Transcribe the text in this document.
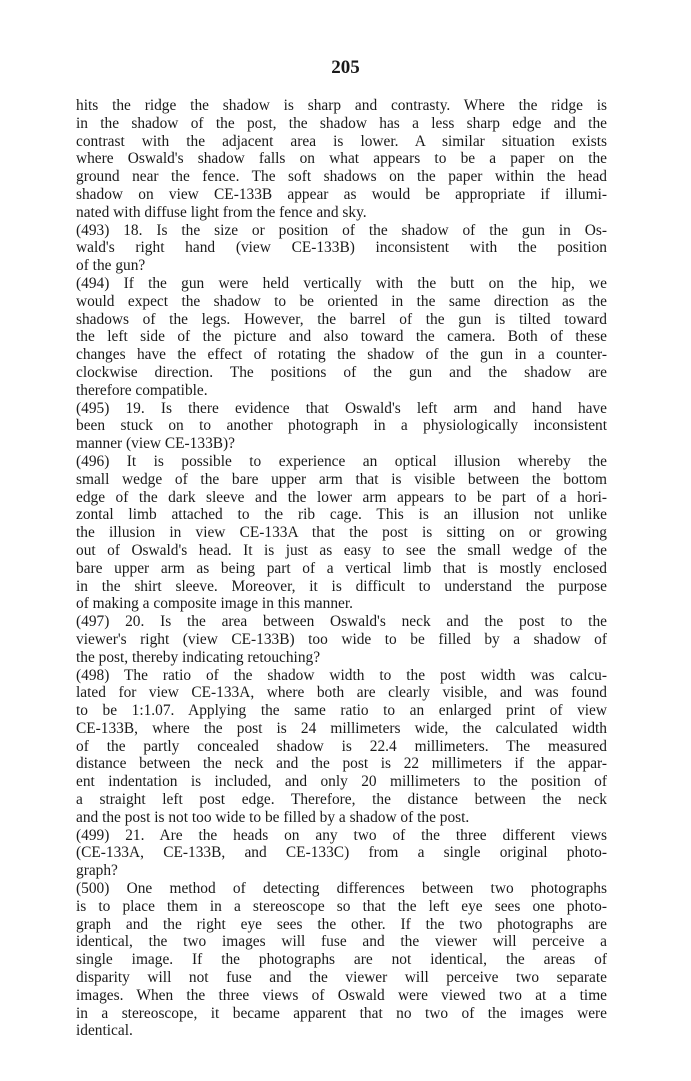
205
hits the ridge the shadow is sharp and contrasty. Where the ridge is
in the shadow of the post, the shadow has a less sharp edge and the
contrast with the adjacent area is lower. A similar situation exists
where Oswald's shadow falls on what appears to be a paper on the
ground near the fence. The soft shadows on the paper within the head
shadow on view CE-133B appear as would be appropriate if illumi-
nated with diffuse light from the fence and sky.
(493) 18. Is the size or position of the shadow of the gun in Os-
wald's right hand (view CE-133B) inconsistent with the position
of the gun?
(494) If the gun were held vertically with the butt on the hip, we
would expect the shadow to be oriented in the same direction as the
shadows of the legs. However, the barrel of the gun is tilted toward
the left side of the picture and also toward the camera. Both of these
changes have the effect of rotating the shadow of the gun in a counter-
clockwise direction. The positions of the gun and the shadow are
therefore compatible.
(495) 19. Is there evidence that Oswald's left arm and hand have
been stuck on to another photograph in a physiologically inconsistent
manner (view CE-133B)?
(496) It is possible to experience an optical illusion whereby the
small wedge of the bare upper arm that is visible between the bottom
edge of the dark sleeve and the lower arm appears to be part of a hori-
zontal limb attached to the rib cage. This is an illusion not unlike
the illusion in view CE-133A that the post is sitting on or growing
out of Oswald's head. It is just as easy to see the small wedge of the
bare upper arm as being part of a vertical limb that is mostly enclosed
in the shirt sleeve. Moreover, it is difficult to understand the purpose
of making a composite image in this manner.
(497) 20. Is the area between Oswald's neck and the post to the
viewer's right (view CE-133B) too wide to be filled by a shadow of
the post, thereby indicating retouching?
(498) The ratio of the shadow width to the post width was calcu-
lated for view CE-133A, where both are clearly visible, and was found
to be 1:1.07. Applying the same ratio to an enlarged print of view
CE-133B, where the post is 24 millimeters wide, the calculated width
of the partly concealed shadow is 22.4 millimeters. The measured
distance between the neck and the post is 22 millimeters if the appar-
ent indentation is included, and only 20 millimeters to the position of
a straight left post edge. Therefore, the distance between the neck
and the post is not too wide to be filled by a shadow of the post.
(499) 21. Are the heads on any two of the three different views
(CE-133A, CE-133B, and CE-133C) from a single original photo-
graph?
(500) One method of detecting differences between two photographs
is to place them in a stereoscope so that the left eye sees one photo-
graph and the right eye sees the other. If the two photographs are
identical, the two images will fuse and the viewer will perceive a
single image. If the photographs are not identical, the areas of
disparity will not fuse and the viewer will perceive two separate
images. When the three views of Oswald were viewed two at a time
in a stereoscope, it became apparent that no two of the images were
identical.
